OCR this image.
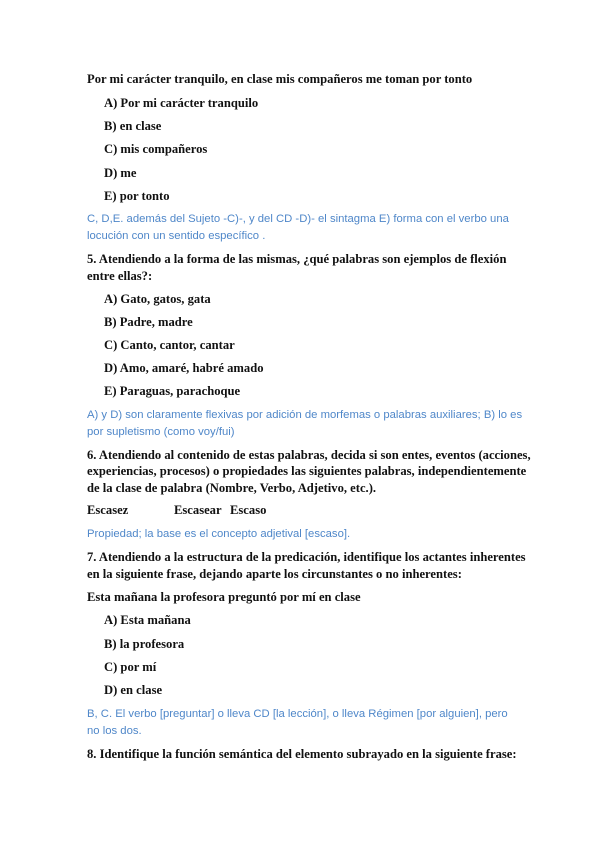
Por mi carácter tranquilo, en clase mis compañeros me toman por tonto
A) Por mi carácter tranquilo
B) en clase
C) mis compañeros
D) me
E) por tonto
C, D,E. además del Sujeto -C)-, y del CD -D)- el sintagma E) forma con el verbo una
locución con un sentido específico .
5. Atendiendo a la forma de las mismas, ¿qué palabras son ejemplos de flexión
entre ellas?:
A) Gato, gatos, gata
B) Padre, madre
C) Canto, cantor, cantar
D) Amo, amaré, habré amado
E) Paraguas, parachoque
A) y D) son claramente flexivas por adición de morfemas o palabras auxiliares; B) lo es
por supletismo (como voy/fui)
6. Atendiendo al contenido de estas palabras, decida si son entes, eventos (acciones,
experiencias, procesos) o propiedades las siguientes palabras, independientemente
de la clase de palabra (Nombre, Verbo, Adjetivo, etc.).
Escasez	Escasear Escaso
Propiedad; la base es el concepto adjetival [escaso].
7. Atendiendo a la estructura de la predicación, identifique los actantes inherentes
en la siguiente frase, dejando aparte los circunstantes o no inherentes:
Esta mañana la profesora preguntó por mí en clase
A) Esta mañana
B) la profesora
C) por mí
D) en clase
B, C. El verbo [preguntar] o lleva CD [la lección], o lleva Régimen [por alguien], pero
no los dos.
8. Identifique la función semántica del elemento subrayado en la siguiente frase:
